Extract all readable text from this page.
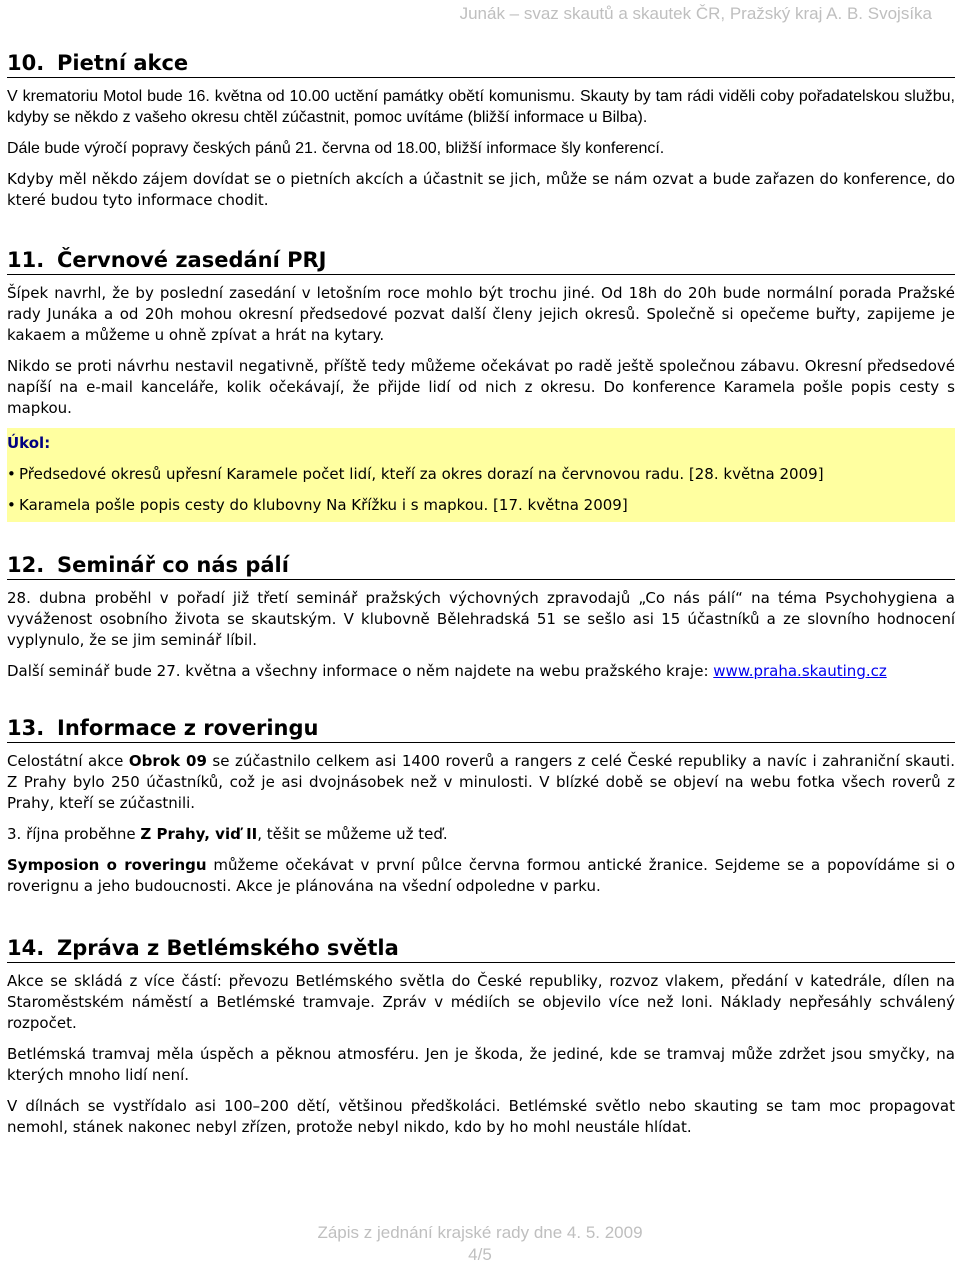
Junák – svaz skautů a skautek ČR, Pražský kraj A. B. Svojsíka
10. Pietní akce

V krematoriu Motol bude 16. května od 10.00 uctění památky obětí komunismu. Skauty by tam rádi viděli coby pořadatelskou službu, kdyby se někdo z vašeho okresu chtěl zúčastnit, pomoc uvítáme (bližší informace u Bilba).

Dále bude výročí popravy českých pánů 21. června od 18.00, bližší informace šly konferencí.

Kdyby měl někdo zájem dovídat se o pietních akcích a účastnit se jich, může se nám ozvat a bude zařazen do konference, do které budou tyto informace chodit.

11. Červnové zasedání PRJ

Šípek navrhl, že by poslední zasedání v letošním roce mohlo být trochu jiné. Od 18h do 20h bude normální porada Pražské rady Junáka a od 20h mohou okresní předsedové pozvat další členy jejich okresů. Společně si opečeme buřty, zapijeme je kakaem a můžeme u ohně zpívat a hrát na kytary.

Nikdo se proti návrhu nestavil negativně, příště tedy můžeme očekávat po radě ještě společnou zábavu. Okresní předsedové napíší na e-mail kanceláře, kolik očekávají, že přijde lidí od nich z okresu. Do konference Karamela pošle popis cesty s mapkou.

Úkol:
• Předsedové okresů upřesní Karamele počet lidí, kteří za okres dorazí na červnovou radu. [28. května 2009]
• Karamela pošle popis cesty do klubovny Na Křížku i s mapkou. [17. května 2009]
12. Seminář co nás pálí

28. dubna proběhl v pořadí již třetí seminář pražských výchovných zpravodajů „Co nás pálí“ na téma Psychohygiena a vyváženost osobního života se skautským. V klubovně Bělehradská 51 se sešlo asi 15 účastníků a ze slovního hodnocení vyplynulo, že se jim seminář líbil.

Další seminář bude 27. května a všechny informace o něm najdete na webu pražského kraje: www.praha.skauting.cz

13. Informace z roveringu

Celostátní akce Obrok 09 se zúčastnilo celkem asi 1400 roverů a rangers z celé České republiky a navíc i zahraniční skauti. Z Prahy bylo 250 účastníků, což je asi dvojnásobek než v minulosti. V blízké době se objeví na webu fotka všech roverů z Prahy, kteří se zúčastnili.

3. října proběhne Z Prahy, viď II, těšit se můžeme už teď.

Symposion o roveringu můžeme očekávat v první půlce června formou antické žranice. Sejdeme se a popovídáme si o roverignu a jeho budoucnosti. Akce je plánována na všední odpoledne v parku.

14. Zpráva z Betlémského světla

Akce se skládá z více částí: převozu Betlémského světla do České republiky, rozvoz vlakem, předání v katedrále, dílen na Staroměstském náměstí a Betlémské tramvaje. Zpráv v médiích se objevilo více než loni. Náklady nepřesáhly schválený rozpočet.

Betlémská tramvaj měla úspěch a pěknou atmosféru. Jen je škoda, že jediné, kde se tramvaj může zdržet jsou smyčky, na kterých mnoho lidí není.

V dílnách se vystřídalo asi 100–200 dětí, většinou předškoláci. Betlémské světlo nebo skauting se tam moc propagovat nemohl, stánek nakonec nebyl zřízen, protože nebyl nikdo, kdo by ho mohl neustále hlídat.

Zápis z jednání krajské rady dne 4. 5. 2009
4/5
